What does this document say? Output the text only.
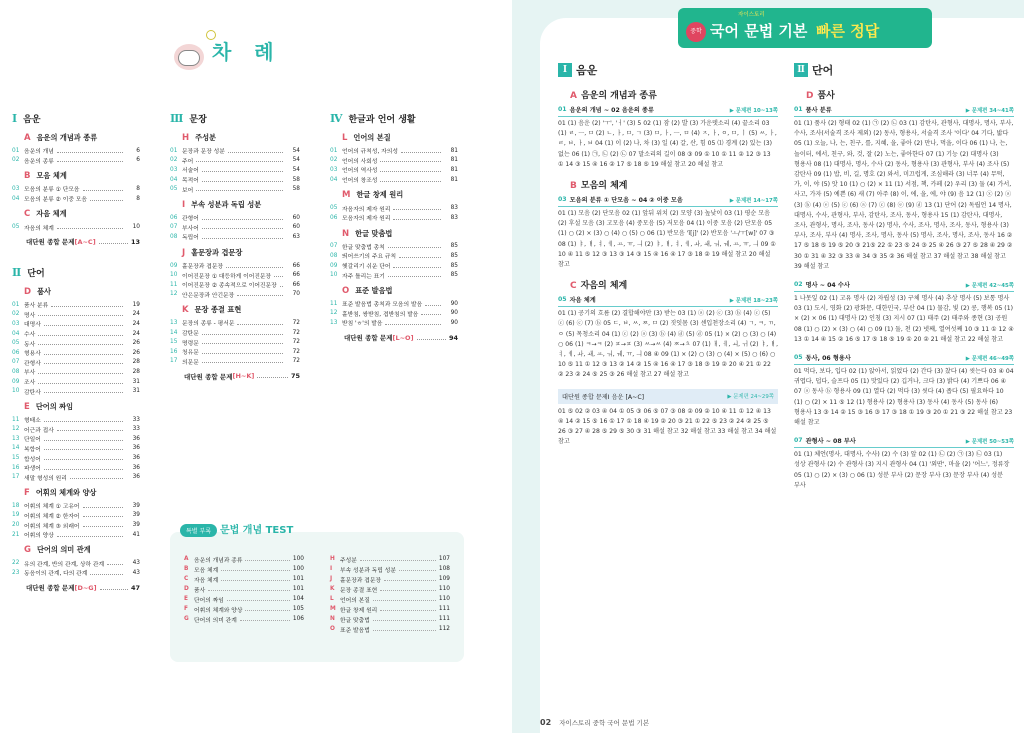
차 례
Ⅰ 음운
A 음운의 개념과 종류
01 음운의 개념	6
02 음운의 종류	6
B 모음 체계
03 모음의 분류 ① 단모음	8
04 모음의 분류 ② 이중 모음	8
C 자음 체계
05 자음의 체계	10
대단원 종합 문제 [A~C]	13
Ⅱ 단어
D 품사
01 품사 분류	19
02 명사	24
03 대명사	24
04 수사	24
05 동사	26
06 형용사	26
07 관형사	28
08 부사	28
09 조사	31
10 감탄사	31
E 단어의 짜임
11 형태소	33
12 어근과 접사	33
13 단일어	36
14 복합어	36
15 합성어	36
16 파생어	36
17 새말 형성의 원리	36
F 어휘의 체계와 양상
18 어휘의 체계 ① 고유어	39
19 어휘의 체계 ② 한자어	39
20 어휘의 체계 ③ 외래어	39
21 어휘의 양상	41
G 단어의 의미 관계
22 유의 관계, 반의 관계, 상하 관계	43
23 동음이의 관계, 다의 관계	43
대단원 종합 문제 [D~G]	47
Ⅲ 문장
H 주성분
01 문장과 문장 성분	54
02 주어	54
03 서술어	54
04 목적어	58
05 보어	58
I 부속 성분과 독립 성분
06 관형어	60
07 부사어	60
08 독립어	63
J 홑문장과 겹문장
09 홑문장과 겹문장	66
10 이어진문장 ① 대등하게 이어진문장	66
11 이어진문장 ② 종속적으로 이어진문장	66
12 안은문장과 안긴문장	70
K 문장 종결 표현
13 문장의 종류 - 평서문	72
14 감탄문	72
15 명령문	72
16 청유문	72
17 의문문	72
대단원 종합 문제 [H~K]	75
Ⅳ 한글과 언어 생활
L 언어의 본질
01 언어의 규칙성, 자의성	81
02 언어의 사회성	81
03 언어의 역사성	81
04 언어의 창조성	81
M 한글 창제 원리
05 자음자의 제자 원리	83
06 모음자의 제자 원리	83
N 한글 맞춤법
07 한글 맞춤법 총칙	85
08 띄어쓰기의 주요 규칙	85
09 헷갈리기 쉬운 단어	85
10 자주 틀리는 표기	85
O 표준 발음법
11 표준 발음법 총칙과 모음의 발음	90
12 홑받침, 쌍받침, 겹받침의 발음	90
13 받침 'ㅎ'의 발음	90
대단원 종합 문제 [L~O]	94
특별 부록 문법 개념 TEST
A 음운의 개념과 종류	100
B 모음 체계	100
C 자음 체계	101
D 품사	101
E	단어의 짜임	104
F	어휘의 체계와 양상	105
G 단어의 의미 관계	106
H 주성분	107
I	부속 성분과 독립 성분	108
J	홑문장과 겹문장	109
K 문장 종결 표현	110
L	언어의 본질	110
M 한글 창제 원리	111
N 한글 맞춤법	111
O 표준 발음법	112
자이스토리
중학 국어 문법 기본 빠른 정답
Ⅰ 음운
A 음운의 개념과 종류
01 음운의 개념 ~ 02 음운의 종류	▶ 문제편 10~13쪽
01 (1) 음운 (2) 'ㅜ', 'ㅓ' (3) 5 02 (1) 잠 (2) 발 (3) 가운뎃소리 (4) 끝소리 03 (1) ㄹ, ㅡ, ㅁ (2) ㄴ, ㅏ, ㅁ, ㄱ (3) ㅁ, ㅏ, ㅡ, ㅁ (4) ㅈ, ㅏ, ㅇ, ㅁ, ㅣ (5) ㅆ, ㅏ, ㄹ, ㅂ, ㅏ, ㅂ 04 (1) 이 (2) 나, 차 (3) 일 (4) 갈, 산, 힘 05 ⑴ 경계 (2) 있는 (3) 없는 06 (1) ㉠, ㉡ (2) ㉡ 07 말소리의 길이 08 ③ 09 ① 10 ① 11 ② 12 ③ 13 ① 14 ③ 15 ④ 16 ② 17 ⑤ 18 ⑤ 19 해설 참고 20 해설 참고
B 모음의 체계
03 모음의 분류 ① 단모음 ~ 04 ② 이중 모음	▶ 문제편 14~17쪽
01 (1) 모음 (2) 단모음 02 (1) 앞뒤 위치 (2) 모양 (3) 높낮이 03 (1) 평순 모음 (2) 후설 모음 (3) 고모음 (4) 중모음 (5) 저모음 04 (1) 이중 모음 (2) 단모음 05 (1) ○ (2) × (3) ○ (4) ○ (5) ○ 06 (1) 반모음 'ǐ[j]' (2) 반모음 'ㅗ/ㅜ[w]' 07 ③ 08 (1) ㅑ, ㅒ, ㅕ, ㅖ, ㅛ, ㅠ, ㅢ (2) ㅑ, ㅒ, ㅕ, ㅖ, ㅘ, ㅙ, ㅝ, ㅞ, ㅛ, ㅠ, ㅢ 09 ① 10 ④ 11 ⑤ 12 ③ 13 ③ 14 ③ 15 ④ 16 ④ 17 ③ 18 ② 19 해설 참고 20 해설 참고
C 자음의 체계
05 자음 체계	▶ 문제편 18~23쪽
01 (1) 공기의 흐름 (2) 결합해야만 (3) 받는 03 (1) ⓐ (2) ⓒ (3) ⓑ (4) ⓒ (5) ⓒ (6) ⓒ (7) ⓑ 05 ㄷ, ㅂ, ㅆ, ㅉ, ㅁ (2) 짓잇몸 (3) 센입천장소리 (4) ㄱ, ㅋ, ㄲ, ㅇ (5) 목청소리 04 (1) ⓒ (2) ⓐ (3) ⓑ (4) ⓓ (5) ⓓ 05 (1) × (2) ○ (3) ○ (4) ○ 06 (1) ㅋ→ㅋ (2) ㅍ→ㅍ (3) ㅆ→ㅆ (4) ㅉ→ㅊ 07 (1) ㅐ, ㅔ, ㅚ, ㅟ (2) ㅑ, ㅒ, ㅕ, ㅖ, ㅘ, ㅙ, ㅛ, ㅝ, ㅞ, ㅠ, ㅢ 08 ④ 09 (1) × (2) ○ (3) ○ (4) × (5) ○ (6) ○ 10 ⑤ 11 ① 12 ③ 13 ② 14 ② 15 ④ 16 ④ 17 ③ 18 ③ 19 ② 20 ④ 21 ① 22 ② 23 ② 24 ⑤ 25 ③ 26 해설 참고 27 해설 참고
대단원 종합 문제 Ⅰ 음운 [A~C]	▶ 문제편 24~29쪽
01 ⑤ 02 ② 03 ④ 04 ① 05 ③ 06 ⑤ 07 ③ 08 ② 09 ② 10 ④ 11 ① 12 ④ 13 ④ 14 ② 15 ⑤ 16 ① 17 ① 18 ④ 19 ② 20 ③ 21 ① 22 ⑤ 23 ② 24 ② 25 ⑤ 26 ③ 27 ④ 28 ⑤ 29 ⑤ 30 ③ 31 해설 참고 32 해설 참고 33 해설 참고 34 해설 참고
Ⅱ 단어
D 품사
01 품사 분류	▶ 문제편 34~41쪽
01 (1) 품사 (2) 형태 02 (1) ㉠ (2) ㉡ 03 (1) 감탄사, 관형사, 대명사, 명사, 부사, 수사, 조사(서술격 조사 제외) (2) 동사, 형용사, 서술격 조사 '이다' 04 기다, 밟다 05 (1) 오늘, 나, 는, 친구, 를, 지혜, 을, 좋아 (2) 만나, 먹을, 이다 06 (1) 나, 는, 놀이터, 에서, 친구, 와, 것, 잘 (2) 노는, 좋아한다 07 (1) 기능 (2) 대명사 (3) 형용사 08 (1) 대명사, 명사, 수사 (2) 동사, 형용사 (3) 관형사, 부사 (4) 조사 (5) 감탄사 09 (1) 밥, 비, 길, 명호 (2) 와서, 미끄럽게, 조심해라 (3) 너무 (4) 무턱, 가, 이, 야 (5) 앗 10 (1) ○ (2) × 11 (1) 서점, 책, 카페 (2) 우리 (3) 둘 (4) 가서, 사고, 가자 (5) 예쁜 (6) 새 (7) 아주 (8) 이, 에, 을, 에, 야 (9) 음 12 (1) ⓧ (2) ⓐ (3) ⓑ (4) ⓔ (5) ⓒ (6) ⓐ (7) ⓒ (8) ⓔ (9) ⓓ 13 (1) 단어 (2) 독립언 14 명사, 대명사, 수사, 관형사, 부사, 감탄사, 조사, 동사, 형용사 15 (1) 감탄사, 대명사, 조사, 관형사, 명사, 조사, 동사 (2) 명사, 수사, 조사, 명사, 조사, 동사, 형용사 (3) 부사, 조사, 부사 (4) 명사, 조사, 명사, 동사 (5) 명사, 조사, 명사, 조사, 동사 16 ② 17 ⑤ 18 ⑤ 19 ⑤ 20 ③ 21⑤ 22 ① 23 ⑤ 24 ③ 25 ④ 26 ③ 27 ⑤ 28 ④ 29 ② 30 ① 31 ④ 32 ③ 33 ④ 34 ③ 35 ② 36 해설 참고 37 해설 참고 38 해설 참고 39 해설 참고
02 명사 ~ 04 수사	▶ 문제편 42~45쪽
1 나못잎 02 (1) 고유 명사 (2) 자립성 (3) 구체 명사 (4) 추상 명사 (5) 보통 명사 03 (1) 도시, 영화 (2) 광화문, 대한민국, 부산 04 (1) 물감, 빛 (2) 콩, 행복 05 (1) × (2) × 06 (1) 대명사 (2) 인칭 (3) 지시 07 (1) 태주 (2) 태주와 종현 (3) 공원 08 (1) ○ (2) × (3) ○ (4) ○ 09 (1) 둘, 천 (2) 넷째, 열여섯째 10 ③ 11 ① 12 ④ 13 ① 14 ④ 15 ② 16 ⑤ 17 ⑤ 18 ⑤ 19 ① 20 ② 21 해설 참고 22 해설 참고
05 동사, 06 형용사	▶ 문제편 46~49쪽
01 먹다, 보다, 입다 02 (1) 앉아서, 읽었다 (2) 간다 (3) 찼다 (4) 씻는다 03 ④ 04 귀엽다, 덥다, 슬프다 05 (1) 맛있다 (2) 깁거나, 크다 (3) 밝다 (4) 기쁘다 06 ④ 07 ⓐ 동사 ⓑ 형용사 09 (1) 열다 (2) 먹다 (3) 씻다 (4) 좁다 (5) 필요하다 10 (1) ○ (2) × 11 ⑤ 12 (1) 형용사 (2) 형용사 (3) 동사 (4) 동사 (5) 동사 (6) 형용사 13 ③ 14 ② 15 ③ 16 ③ 17 ③ 18 ① 19 ③ 20 ① 21 ③ 22 해설 참고 23 해설 참고
07 관형사 ~ 08 부사	▶ 문제편 50~53쪽
01 (1) 체언(명사, 대명사, 수사) (2) 수 (3) 앞 02 (1) ㉡ (2) ㉠ (3) ㉡ 03 (1) 성상 관형사 (2) 수 관형사 (3) 지시 관형사 04 (1) '외딴', 마을 (2) '어느', 정류장 05 (1) ○ (2) × (3) ○ 06 (1) 성분 부사 (2) 문장 부사 (3) 문장 부사 (4) 성분 부사
02 자이스토리 중학 국어 문법 기본
